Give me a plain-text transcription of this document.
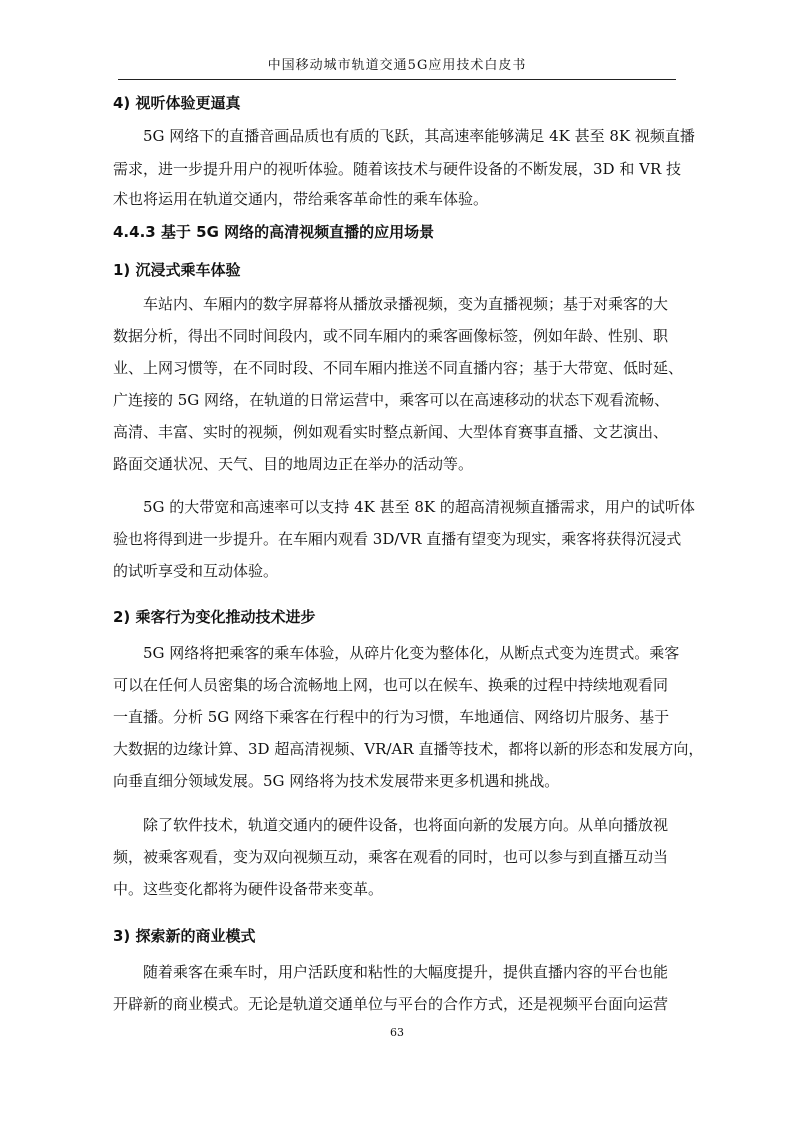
中国移动城市轨道交通5G应用技术白皮书
4) 视听体验更逼真
5G 网络下的直播音画品质也有质的飞跃，其高速率能够满足 4K 甚至 8K 视频直播
需求，进一步提升用户的视听体验。随着该技术与硬件设备的不断发展，3D 和 VR 技
术也将运用在轨道交通内，带给乘客革命性的乘车体验。
4.4.3 基于 5G 网络的高清视频直播的应用场景
1) 沉浸式乘车体验
车站内、车厢内的数字屏幕将从播放录播视频，变为直播视频；基于对乘客的大
数据分析，得出不同时间段内，或不同车厢内的乘客画像标签，例如年龄、性别、职
业、上网习惯等，在不同时段、不同车厢内推送不同直播内容；基于大带宽、低时延、
广连接的 5G 网络，在轨道的日常运营中，乘客可以在高速移动的状态下观看流畅、
高清、丰富、实时的视频，例如观看实时整点新闻、大型体育赛事直播、文艺演出、
路面交通状况、天气、目的地周边正在举办的活动等。
5G 的大带宽和高速率可以支持 4K 甚至 8K 的超高清视频直播需求，用户的试听体
验也将得到进一步提升。在车厢内观看 3D/VR 直播有望变为现实，乘客将获得沉浸式
的试听享受和互动体验。
2) 乘客行为变化推动技术进步
5G 网络将把乘客的乘车体验，从碎片化变为整体化，从断点式变为连贯式。乘客
可以在任何人员密集的场合流畅地上网，也可以在候车、换乘的过程中持续地观看同
一直播。分析 5G 网络下乘客在行程中的行为习惯，车地通信、网络切片服务、基于
大数据的边缘计算、3D 超高清视频、VR/AR 直播等技术，都将以新的形态和发展方向，
向垂直细分领域发展。5G 网络将为技术发展带来更多机遇和挑战。
除了软件技术，轨道交通内的硬件设备，也将面向新的发展方向。从单向播放视
频，被乘客观看，变为双向视频互动，乘客在观看的同时，也可以参与到直播互动当
中。这些变化都将为硬件设备带来变革。
3) 探索新的商业模式
随着乘客在乘车时，用户活跃度和粘性的大幅度提升，提供直播内容的平台也能
开辟新的商业模式。无论是轨道交通单位与平台的合作方式，还是视频平台面向运营
63
